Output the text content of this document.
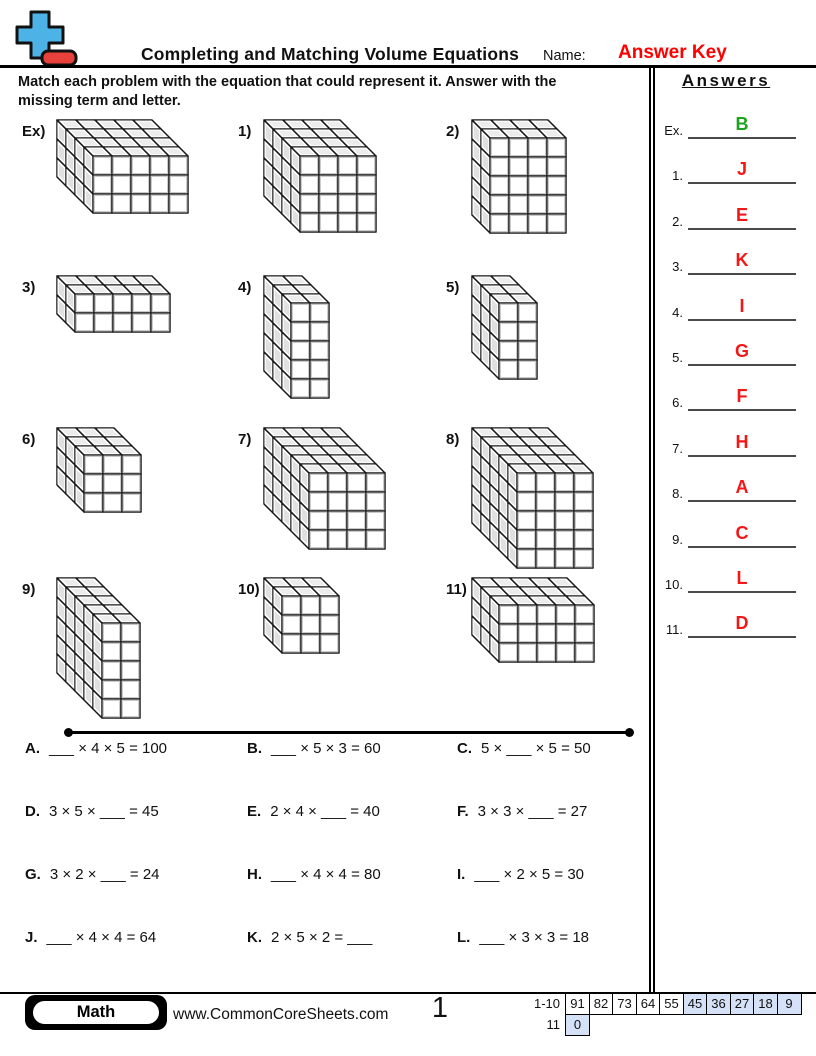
Completing and Matching Volume Equations	Name: Answer Key
Match each problem with the equation that could represent it. Answer with the missing term and letter.
Answers
Ex.	B
1.	J
2.	E
3.	K
4.	I
5.	G
6.	F
7.	H
8.	A
9.	C
10.	L
11.	D
Ex)	1)	2)
3)	4)	5)
6)	7)	8)
9)	10)	11)
A. ___ × 4 × 5 = 100	B. ___ × 5 × 3 = 60	C. 5 × ___ × 5 = 50
D. 3 × 5 × ___ = 45	E. 2 × 4 × ___ = 40	F. 3 × 3 × ___ = 27
G. 3 × 2 × ___ = 24	H. ___ × 4 × 4 = 80	I. ___ × 2 × 5 = 30
J. ___ × 4 × 4 = 64	K. 2 × 5 × 2 = ___	L. ___ × 3 × 3 = 18
Math	www.CommonCoreSheets.com	1	1-10 91 82 73 64 55 45 36 27 18 9
11	0
